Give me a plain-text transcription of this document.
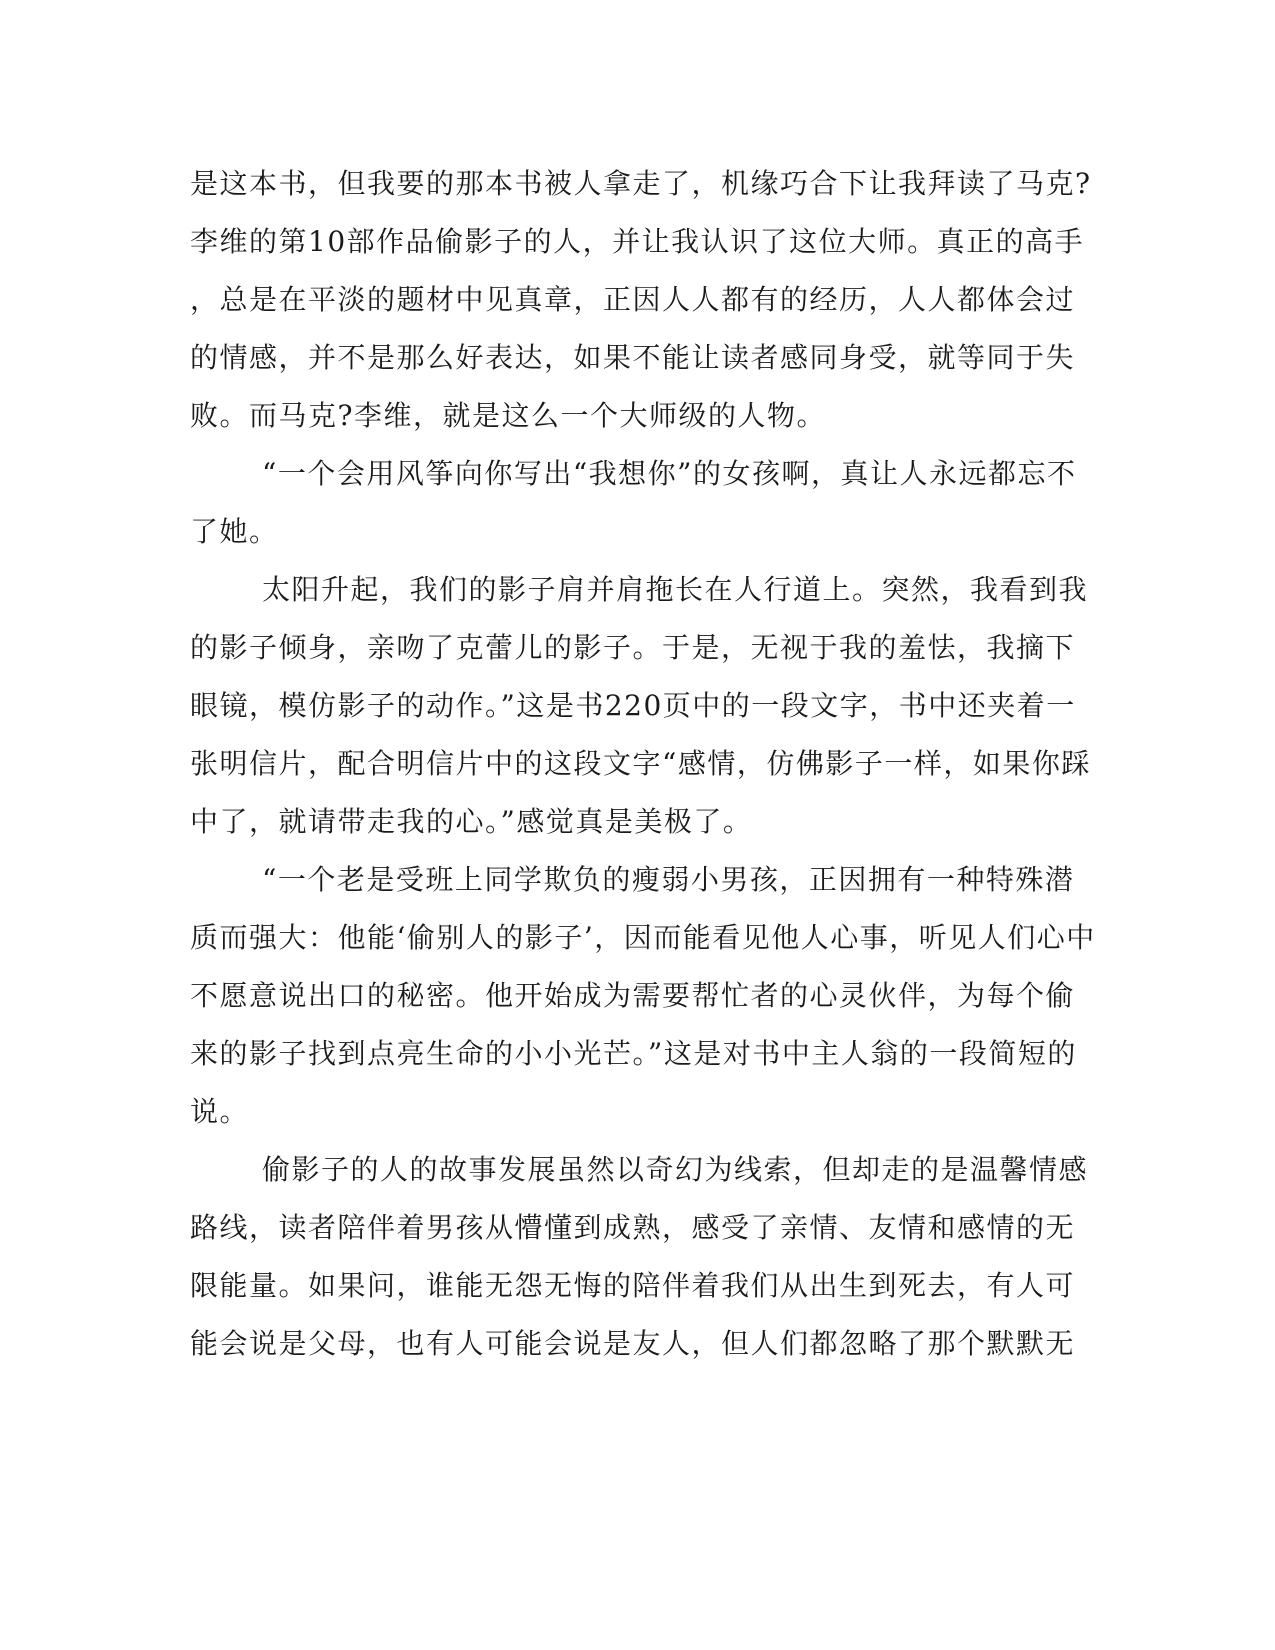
是这本书，但我要的那本书被人拿走了，机缘巧合下让我拜读了马克?
李维的第10部作品偷影子的人，并让我认识了这位大师。真正的高手
，总是在平淡的题材中见真章，正因人人都有的经历，人人都体会过
的情感，并不是那么好表达，如果不能让读者感同身受，就等同于失
败。而马克?李维，就是这么一个大师级的人物。
“一个会用风筝向你写出“我想你”的女孩啊，真让人永远都忘不
了她。
太阳升起，我们的影子肩并肩拖长在人行道上。突然，我看到我
的影子倾身，亲吻了克蕾儿的影子。于是，无视于我的羞怯，我摘下
眼镜，模仿影子的动作。”这是书220页中的一段文字，书中还夹着一
张明信片，配合明信片中的这段文字“感情，仿佛影子一样，如果你踩
中了，就请带走我的心。”感觉真是美极了。
“一个老是受班上同学欺负的瘦弱小男孩，正因拥有一种特殊潜
质而强大：他能‘偷别人的影子’，因而能看见他人心事，听见人们心中
不愿意说出口的秘密。他开始成为需要帮忙者的心灵伙伴，为每个偷
来的影子找到点亮生命的小小光芒。”这是对书中主人翁的一段简短的
说。
偷影子的人的故事发展虽然以奇幻为线索，但却走的是温馨情感
路线，读者陪伴着男孩从懵懂到成熟，感受了亲情、友情和感情的无
限能量。如果问，谁能无怨无悔的陪伴着我们从出生到死去，有人可
能会说是父母，也有人可能会说是友人，但人们都忽略了那个默默无
